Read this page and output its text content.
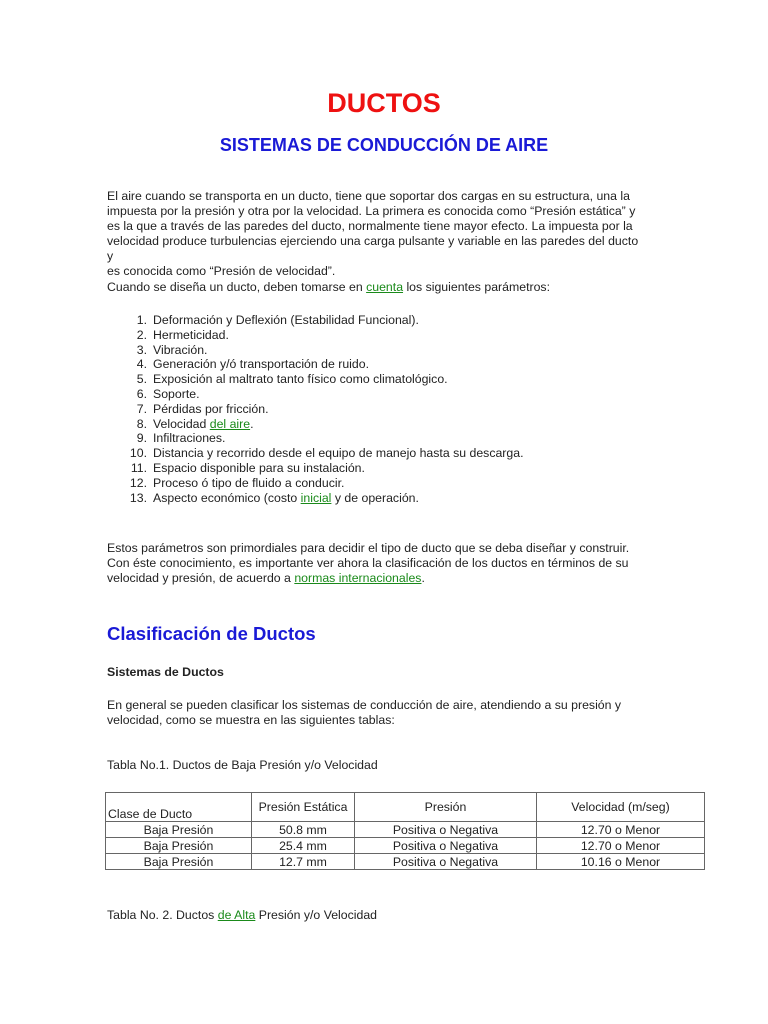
DUCTOS
SISTEMAS DE CONDUCCIÓN DE AIRE
El aire cuando se transporta en un ducto, tiene que soportar dos cargas en su estructura, una la
impuesta por la presión y otra por la velocidad. La primera es conocida como “Presión estática” y
es la que a través de las paredes del ducto, normalmente tiene mayor efecto. La impuesta por la
velocidad produce turbulencias ejerciendo una carga pulsante y variable en las paredes del ducto y
es conocida como “Presión de velocidad”.
Cuando se diseña un ducto, deben tomarse en cuenta los siguientes parámetros:
1. Deformación y Deflexión (Estabilidad Funcional).
2. Hermeticidad.
3. Vibración.
4. Generación y/ó transportación de ruido.
5. Exposición al maltrato tanto físico como climatológico.
6. Soporte.
7. Pérdidas por fricción.
8. Velocidad del aire.
9. Infiltraciones.
10. Distancia y recorrido desde el equipo de manejo hasta su descarga.
11. Espacio disponible para su instalación.
12. Proceso ó tipo de fluido a conducir.
13. Aspecto económico (costo inicial y de operación.
Estos parámetros son primordiales para decidir el tipo de ducto que se deba diseñar y construir.
Con éste conocimiento, es importante ver ahora la clasificación de los ductos en términos de su
velocidad y presión, de acuerdo a normas internacionales.
Clasificación de Ductos
Sistemas de Ductos
En general se pueden clasificar los sistemas de conducción de aire, atendiendo a su presión y
velocidad, como se muestra en las siguientes tablas:
Tabla No.1. Ductos de Baja Presión y/o Velocidad
Clase de Ducto	Presión Estática	Presión	Velocidad (m/seg)
Baja Presión	50.8 mm	Positiva o Negativa	12.70 o Menor
Baja Presión	25.4 mm	Positiva o Negativa	12.70 o Menor
Baja Presión	12.7 mm	Positiva o Negativa	10.16 o Menor
Tabla No. 2. Ductos de Alta Presión y/o Velocidad
